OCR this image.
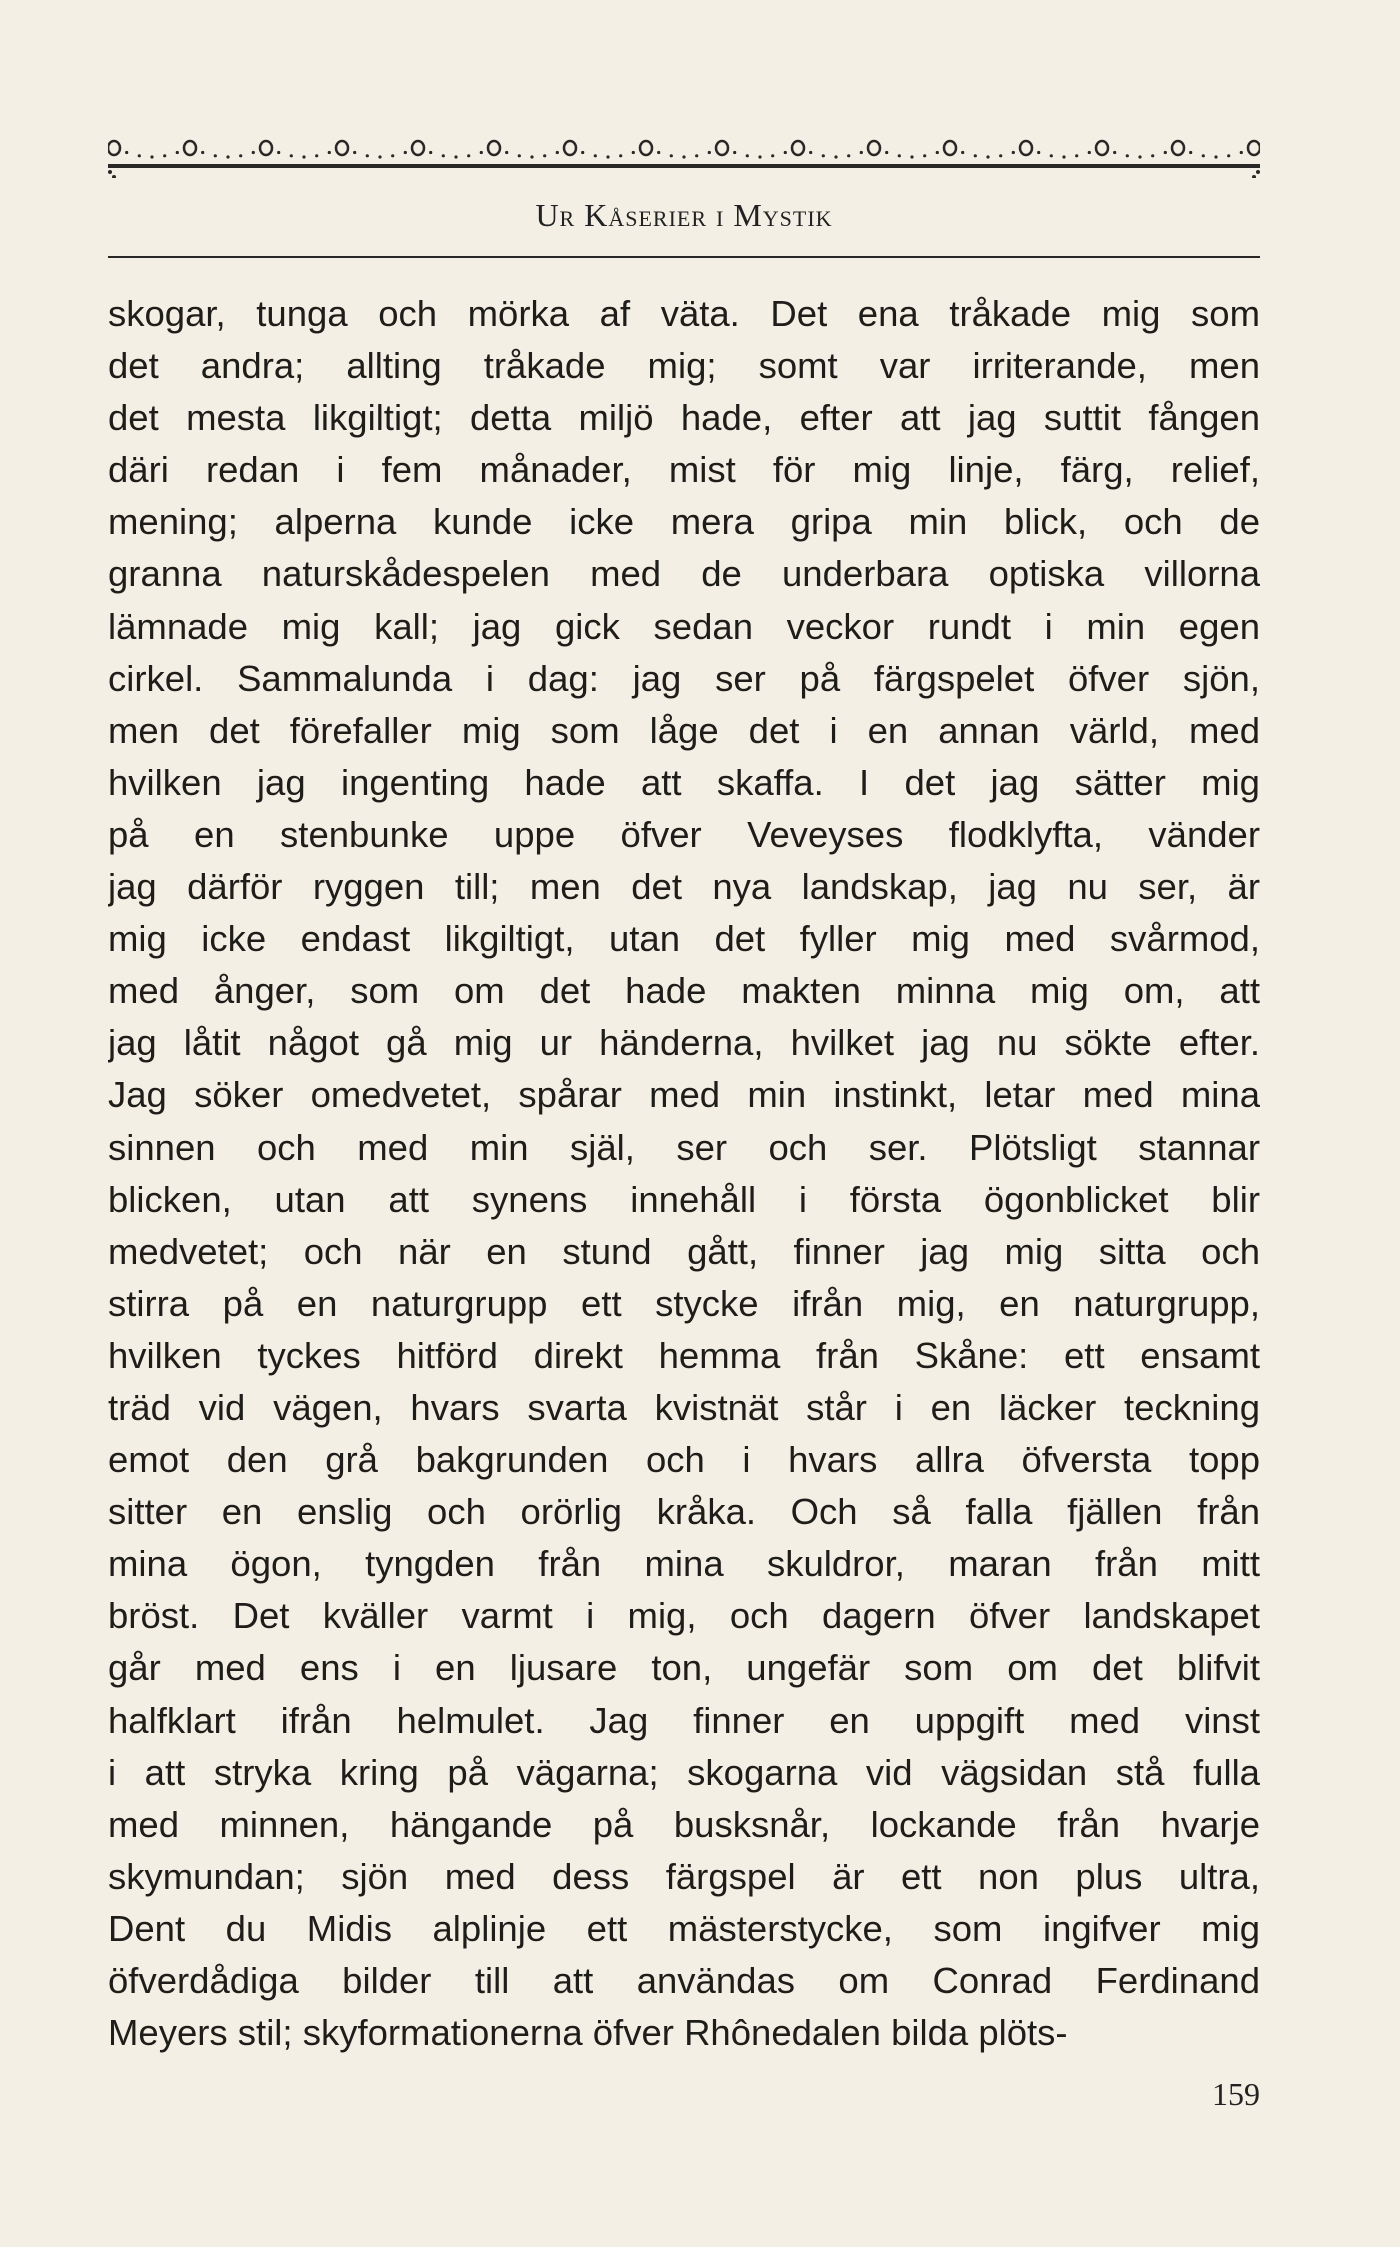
Ur Kåserier i Mystik
skogar, tunga och mörka af väta. Det ena tråkade mig som
det andra; allting tråkade mig; somt var irriterande, men
det mesta likgiltigt; detta miljö hade, efter att jag suttit fången
däri redan i fem månader, mist för mig linje, färg, relief,
mening; alperna kunde icke mera gripa min blick, och de
granna naturskådespelen med de underbara optiska villorna
lämnade mig kall; jag gick sedan veckor rundt i min egen
cirkel. Sammalunda i dag: jag ser på färgspelet öfver sjön,
men det förefaller mig som låge det i en annan värld, med
hvilken jag ingenting hade att skaffa. I det jag sätter mig
på en stenbunke uppe öfver Veveyses flodklyfta, vänder
jag därför ryggen till; men det nya landskap, jag nu ser, är
mig icke endast likgiltigt, utan det fyller mig med svårmod,
med ånger, som om det hade makten minna mig om, att
jag låtit något gå mig ur händerna, hvilket jag nu sökte efter.
Jag söker omedvetet, spårar med min instinkt, letar med mina
sinnen och med min själ, ser och ser. Plötsligt stannar
blicken, utan att synens innehåll i första ögonblicket blir
medvetet; och när en stund gått, finner jag mig sitta och
stirra på en naturgrupp ett stycke ifrån mig, en naturgrupp,
hvilken tyckes hitförd direkt hemma från Skåne: ett ensamt
träd vid vägen, hvars svarta kvistnät står i en läcker teckning
emot den grå bakgrunden och i hvars allra öfversta topp
sitter en enslig och orörlig kråka. Och så falla fjällen från
mina ögon, tyngden från mina skuldror, maran från mitt
bröst. Det kväller varmt i mig, och dagern öfver landskapet
går med ens i en ljusare ton, ungefär som om det blifvit
halfklart ifrån helmulet. Jag finner en uppgift med vinst
i att stryka kring på vägarna; skogarna vid vägsidan stå fulla
med minnen, hängande på busksnår, lockande från hvarje
skymundan; sjön med dess färgspel är ett non plus ultra,
Dent du Midis alplinje ett mästerstycke, som ingifver mig
öfverdådiga bilder till att användas om Conrad Ferdinand
Meyers stil; skyformationerna öfver Rhônedalen bilda plöts-
159
